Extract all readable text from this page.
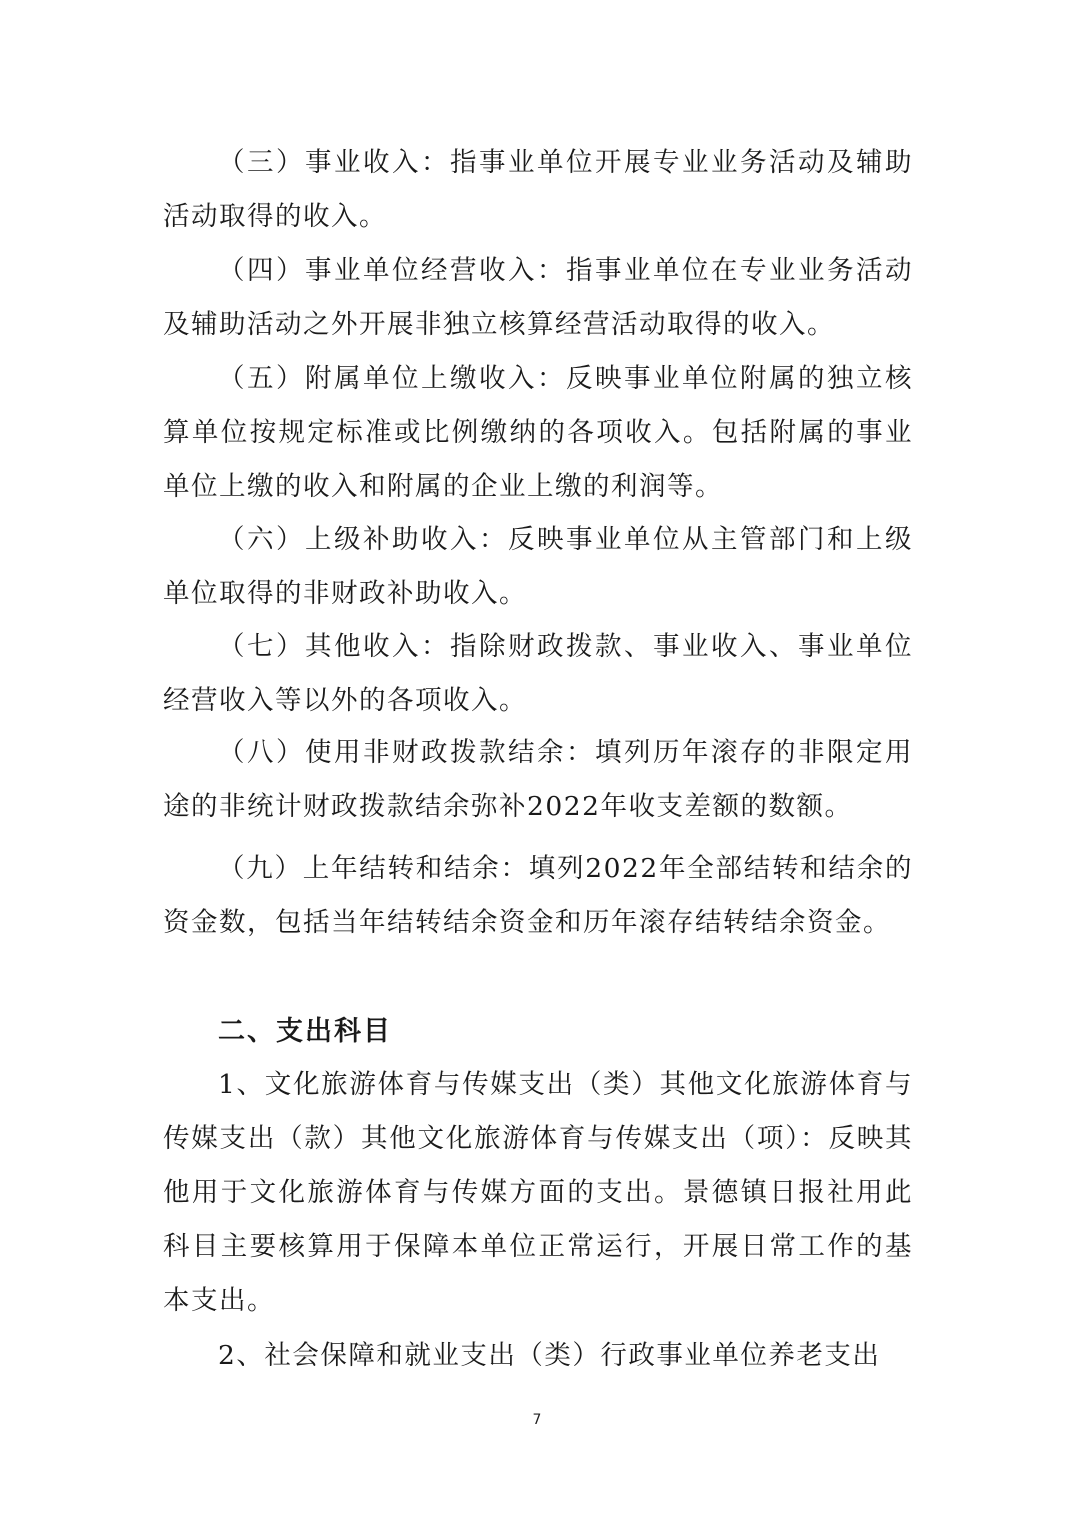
（三）事业收入：指事业单位开展专业业务活动及辅助活动取得的收入。

（四）事业单位经营收入：指事业单位在专业业务活动及辅助活动之外开展非独立核算经营活动取得的收入。

（五）附属单位上缴收入：反映事业单位附属的独立核算单位按规定标准或比例缴纳的各项收入。包括附属的事业单位上缴的收入和附属的企业上缴的利润等。

（六）上级补助收入：反映事业单位从主管部门和上级单位取得的非财政补助收入。

（七）其他收入：指除财政拨款、事业收入、事业单位经营收入等以外的各项收入。

（八）使用非财政拨款结余：填列历年滚存的非限定用途的非统计财政拨款结余弥补2022年收支差额的数额。

（九）上年结转和结余：填列2022年全部结转和结余的资金数，包括当年结转结余资金和历年滚存结转结余资金。

二、支出科目

1、文化旅游体育与传媒支出（类）其他文化旅游体育与传媒支出（款）其他文化旅游体育与传媒支出（项）：反映其他用于文化旅游体育与传媒方面的支出。景德镇日报社用此科目主要核算用于保障本单位正常运行，开展日常工作的基本支出。

2、社会保障和就业支出（类）行政事业单位养老支出

7
